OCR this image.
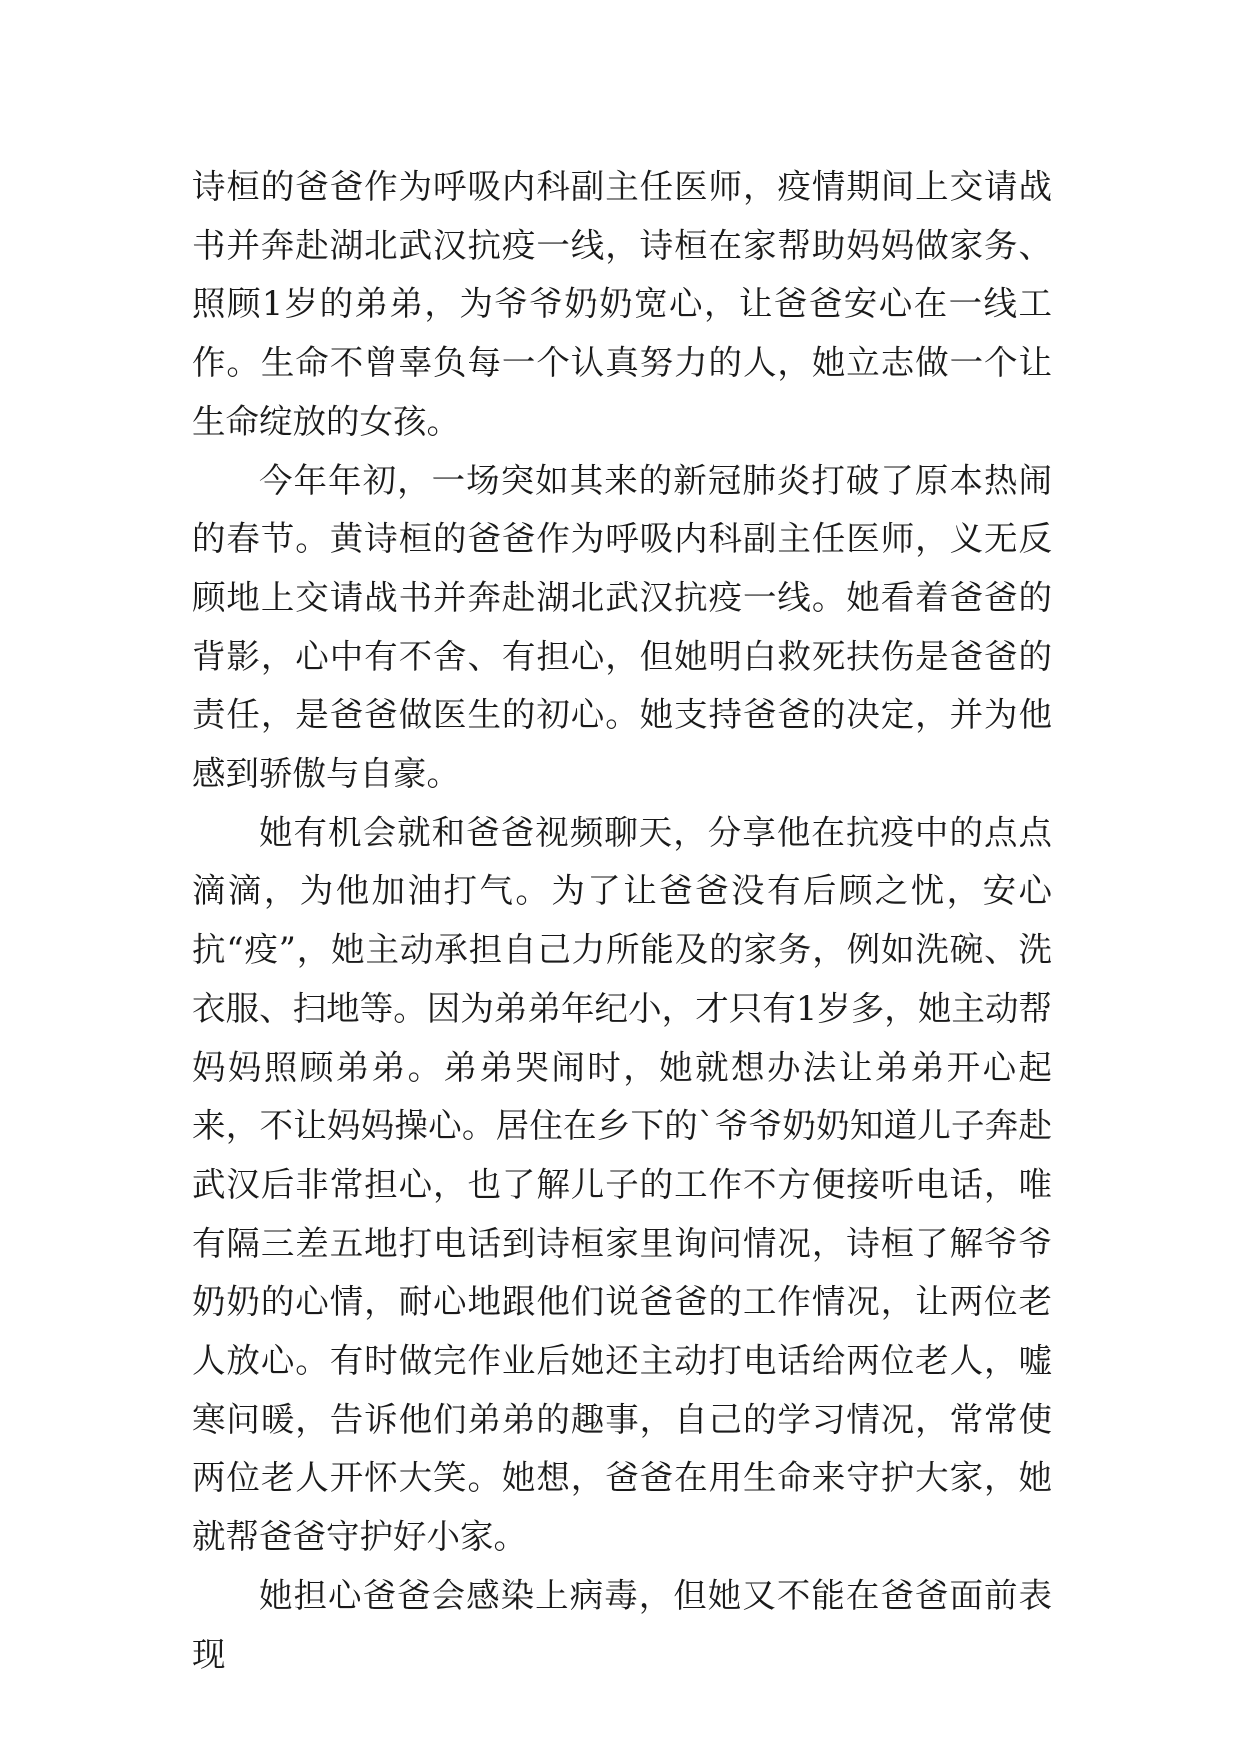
诗桓的爸爸作为呼吸内科副主任医师，疫情期间上交请战书并奔赴湖北武汉抗疫一线，诗桓在家帮助妈妈做家务、照顾1岁的弟弟，为爷爷奶奶宽心，让爸爸安心在一线工作。生命不曾辜负每一个认真努力的人，她立志做一个让生命绽放的女孩。

今年年初，一场突如其来的新冠肺炎打破了原本热闹的春节。黄诗桓的爸爸作为呼吸内科副主任医师，义无反顾地上交请战书并奔赴湖北武汉抗疫一线。她看着爸爸的背影，心中有不舍、有担心，但她明白救死扶伤是爸爸的责任，是爸爸做医生的初心。她支持爸爸的决定，并为他感到骄傲与自豪。

她有机会就和爸爸视频聊天，分享他在抗疫中的点点滴滴，为他加油打气。为了让爸爸没有后顾之忧，安心抗“疫”，她主动承担自己力所能及的家务，例如洗碗、洗衣服、扫地等。因为弟弟年纪小，才只有1岁多，她主动帮妈妈照顾弟弟。弟弟哭闹时，她就想办法让弟弟开心起来，不让妈妈操心。居住在乡下的`爷爷奶奶知道儿子奔赴武汉后非常担心，也了解儿子的工作不方便接听电话，唯有隔三差五地打电话到诗桓家里询问情况，诗桓了解爷爷奶奶的心情，耐心地跟他们说爸爸的工作情况，让两位老人放心。有时做完作业后她还主动打电话给两位老人，嘘寒问暖，告诉他们弟弟的趣事，自己的学习情况，常常使两位老人开怀大笑。她想，爸爸在用生命来守护大家，她就帮爸爸守护好小家。

她担心爸爸会感染上病毒，但她又不能在爸爸面前表现
